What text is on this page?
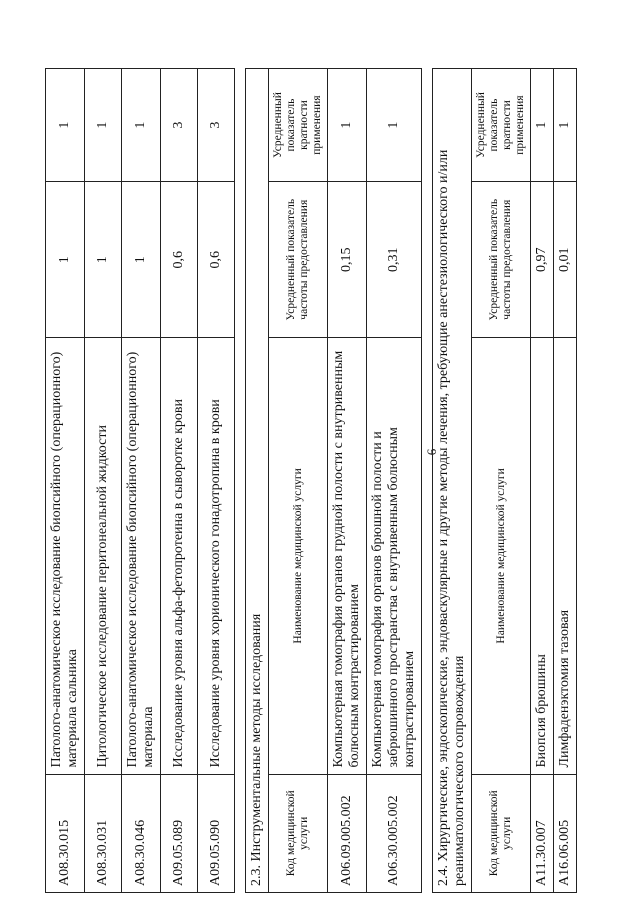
6
A08.30.015	Патолого-анатомическое исследование биопсийного (операционного) материала сальника	1	1
A08.30.031	Цитологическое исследование перитонеальной жидкости	1	1
A08.30.046	Патолого-анатомическое исследование биопсийного (операционного) материала	1	1
A09.05.089	Исследование уровня альфа-фетопротеина в сыворотке крови	0,6	3
A09.05.090	Исследование уровня хорионического гонадотропина в крови	0,6	3

2.3. Инструментальные методы исследования			
Код медицинской услуги	Наименование медицинской услуги	Усредненный показатель частоты предоставления	Усредненный показатель кратности применения
A06.09.005.002	Компьютерная томография органов грудной полости с внутривенным болюсным контрастированием	0,15	1
A06.30.005.002	Компьютерная томография органов брюшной полости и забрюшинного пространства с внутривенным болюсным контрастированием	0,31	1

2.4. Хирургические, эндоскопические, эндоваскулярные и другие методы лечения, требующие анестезиологического и/или реаниматологического сопровождения			
Код медицинской услуги	Наименование медицинской услуги	Усредненный показатель частоты предоставления	Усредненный показатель кратности применения
A11.30.007	Биопсия брюшины	0,97	1
A16.06.005	Лимфаденэктомия тазовая	0,01	1
